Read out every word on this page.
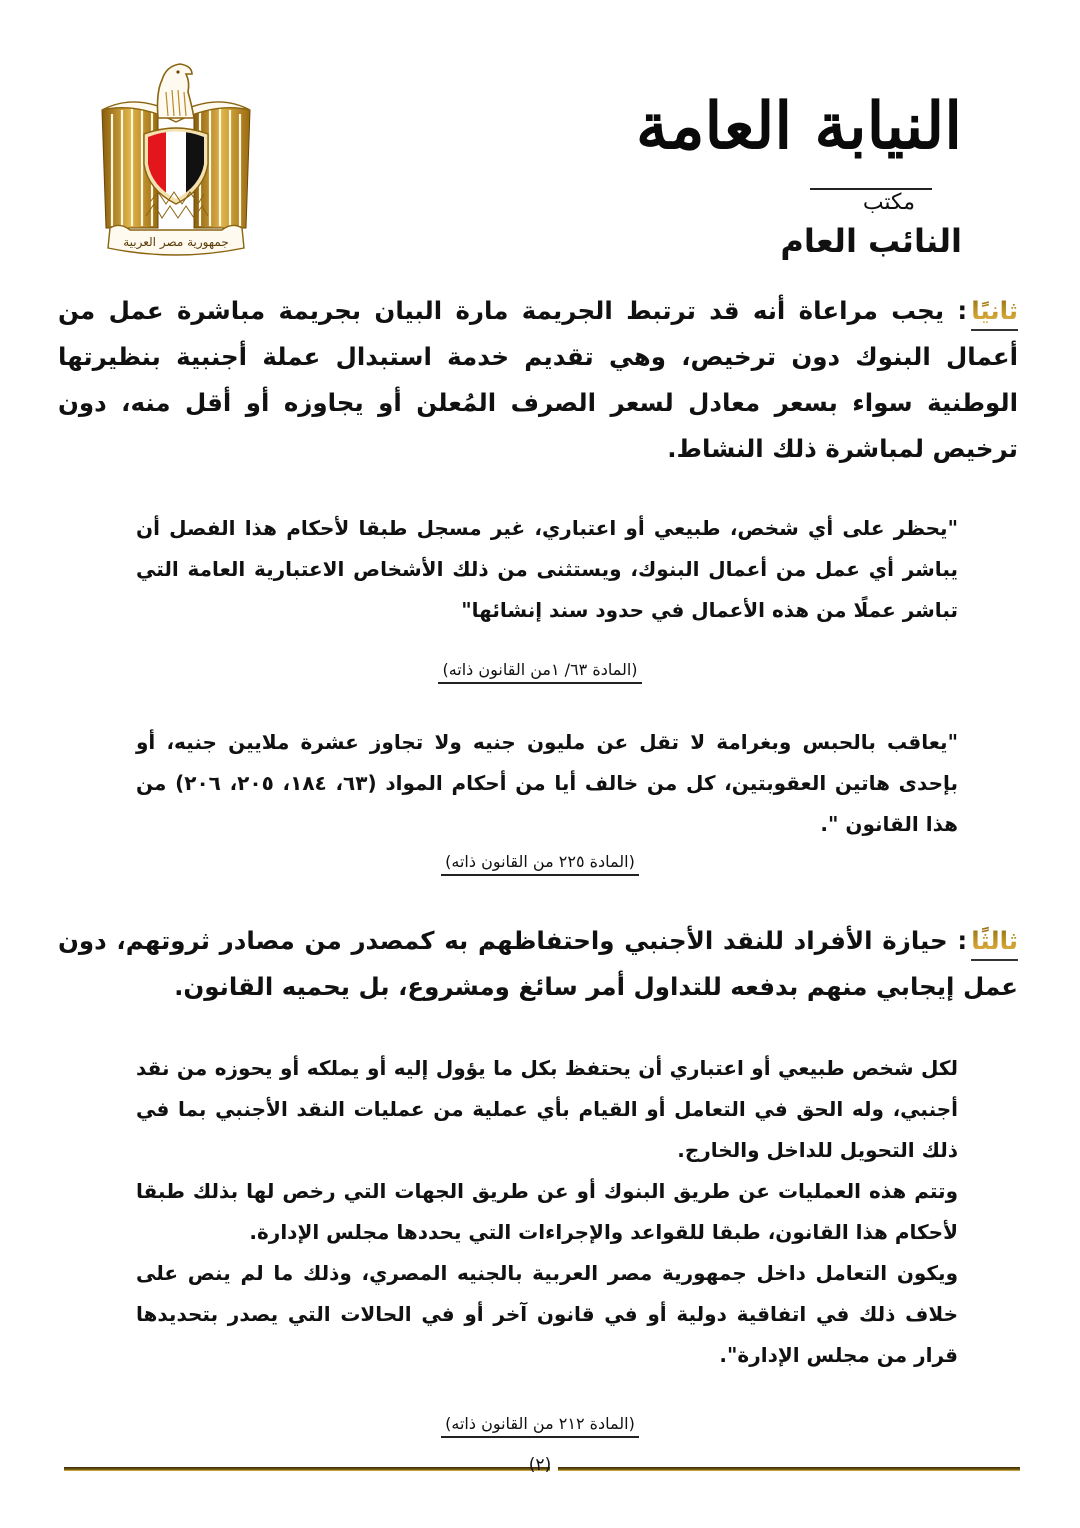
النيابة العامة
مكتب
النائب العام
جمهورية مصر العربية
ثانيًا: يجب مراعاة أنه قد ترتبط الجريمة مارة البيان بجريمة مباشرة عمل من أعمال البنوك دون ترخيص، وهي تقديم خدمة استبدال عملة أجنبية بنظيرتها الوطنية سواء بسعر معادل لسعر الصرف المُعلن أو يجاوزه أو أقل منه، دون ترخيص لمباشرة ذلك النشاط.
"يحظر على أي شخص، طبيعي أو اعتباري، غير مسجل طبقا لأحكام هذا الفصل أن يباشر أي عمل من أعمال البنوك، ويستثنى من ذلك الأشخاص الاعتبارية العامة التي تباشر عملًا من هذه الأعمال في حدود سند إنشائها"
(المادة ٦٣/ ١من القانون ذاته)
"يعاقب بالحبس وبغرامة لا تقل عن مليون جنيه ولا تجاوز عشرة ملايين جنيه، أو بإحدى هاتين العقوبتين، كل من خالف أيا من أحكام المواد (٦٣، ١٨٤، ٢٠٥، ٢٠٦) من هذا القانون ".
(المادة ٢٢٥ من القانون ذاته)
ثالثًا: حيازة الأفراد للنقد الأجنبي واحتفاظهم به كمصدر من مصادر ثروتهم، دون عمل إيجابي منهم بدفعه للتداول أمر سائغ ومشروع، بل يحميه القانون.
لكل شخص طبيعي أو اعتباري أن يحتفظ بكل ما يؤول إليه أو يملكه أو يحوزه من نقد أجنبي، وله الحق في التعامل أو القيام بأي عملية من عمليات النقد الأجنبي بما في ذلك التحويل للداخل والخارج.
وتتم هذه العمليات عن طريق البنوك أو عن طريق الجهات التي رخص لها بذلك طبقا لأحكام هذا القانون، طبقا للقواعد والإجراءات التي يحددها مجلس الإدارة.
ويكون التعامل داخل جمهورية مصر العربية بالجنيه المصري، وذلك ما لم ينص على خلاف ذلك في اتفاقية دولية أو في قانون آخر أو في الحالات التي يصدر بتحديدها قرار من مجلس الإدارة".
(المادة ٢١٢ من القانون ذاته)
(٢)
